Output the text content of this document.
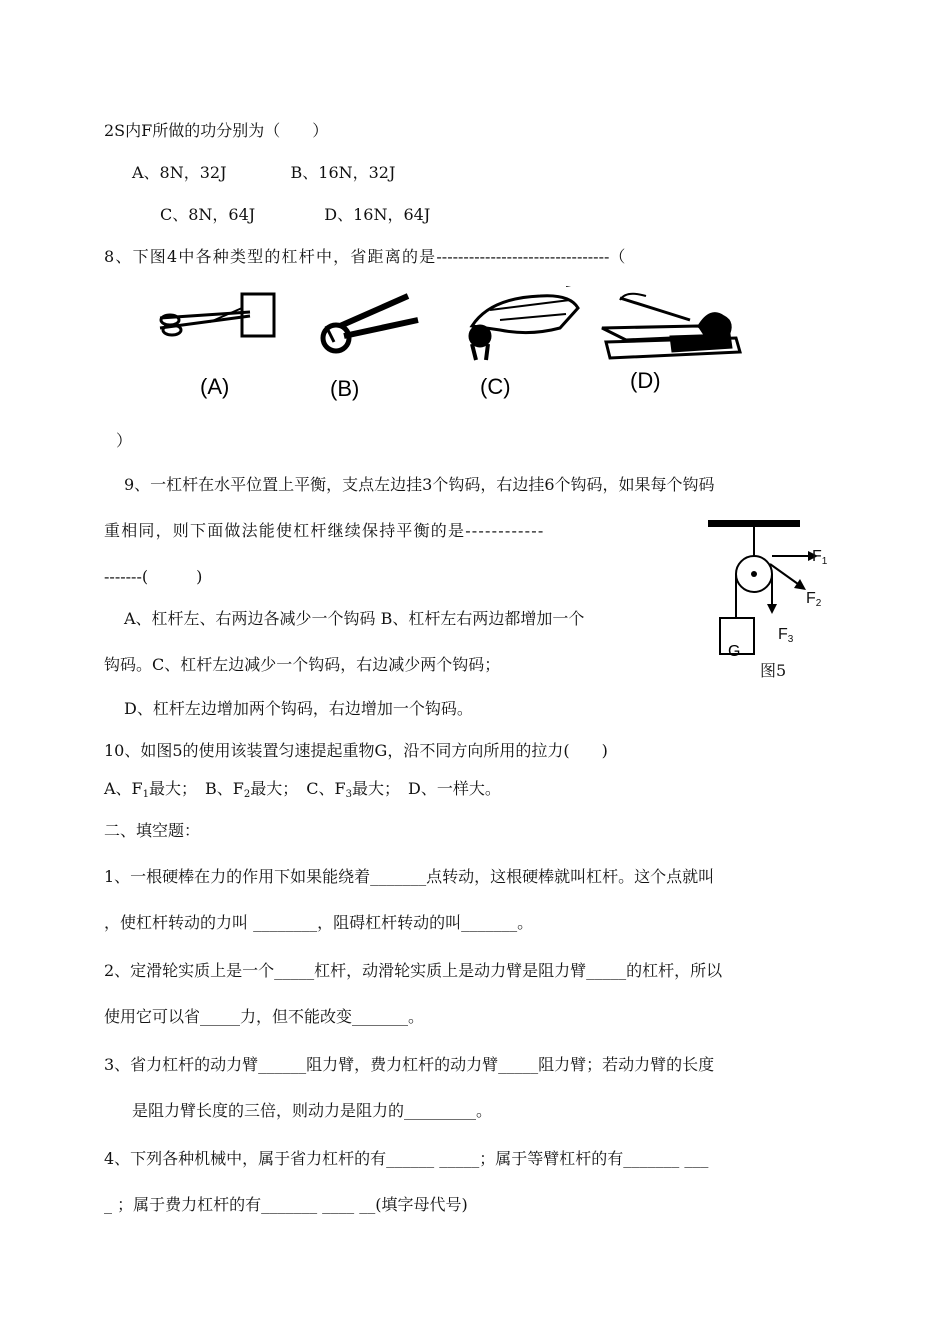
2S内F所做的功分别为（　　）
A、8N，32J　　　　B、16N，32J
C、8N，64J　　　　 D、16N，64J
8、下图4中各种类型的杠杆中，省距离的是--------------------------------（
(A)	(B)	(C)	(D)
）
9、一杠杆在水平位置上平衡，支点左边挂3个钩码，右边挂6个钩码，如果每个钩码
重相同，则下面做法能使杠杆继续保持平衡的是------------
-------(　　　)
A、杠杆左、右两边各减少一个钩码 B、杠杆左右两边都增加一个
钩码。C、杠杆左边减少一个钩码，右边减少两个钩码；
D、杠杆左边增加两个钩码，右边增加一个钩码。
G
$F_1$
$F_2$
$F_3$
图5
10、如图5的使用该装置匀速提起重物G，沿不同方向所用的拉力(　　)
A、$F_1$最大；　B、$F_2$最大；　C、$F_3$最大；　D、一样大。
二、填空题：
1、一根硬棒在力的作用下如果能绕着_______点转动，这根硬棒就叫杠杆。这个点就叫
，使杠杆转动的力叫 ________，阻碍杠杆转动的叫_______。
2、定滑轮实质上是一个_____杠杆，动滑轮实质上是动力臂是阻力臂_____的杠杆，所以
使用它可以省_____力，但不能改变_______。
3、省力杠杆的动力臂______阻力臂，费力杠杆的动力臂_____阻力臂；若动力臂的长度
是阻力臂长度的三倍，则动力是阻力的_________。
4、下列各种机械中，属于省力杠杆的有______ _____；属于等臂杠杆的有_______ ___
_ ；属于费力杠杆的有_______ ____ __(填字母代号)
